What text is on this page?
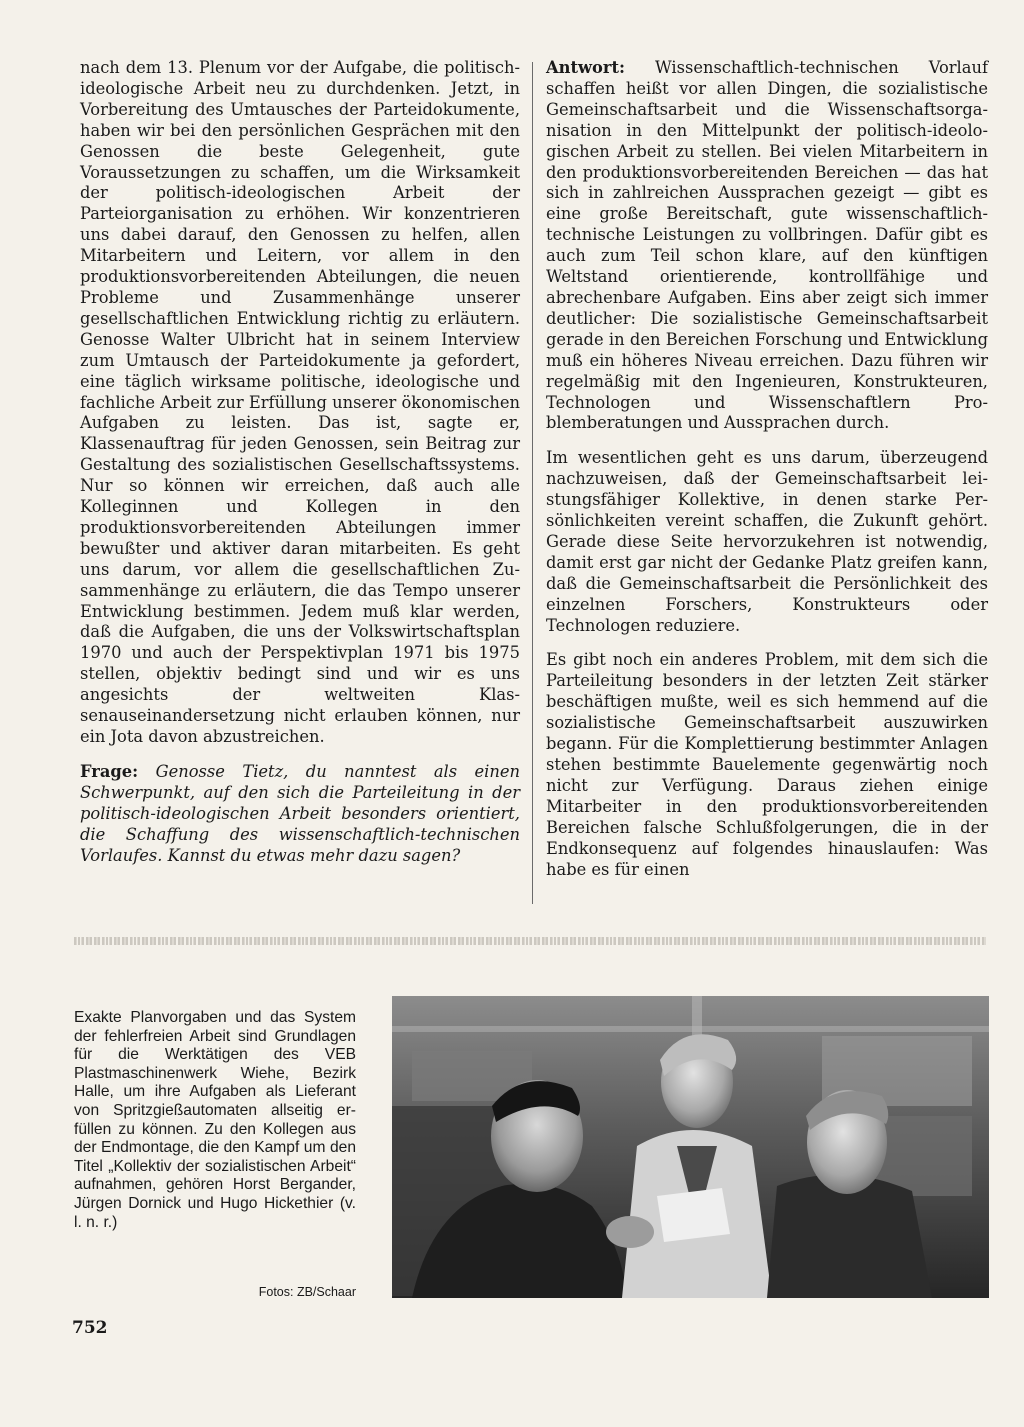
nach dem 13. Plenum vor der Aufgabe, die politisch-ideologische Arbeit neu zu durchdenken. Jetzt, in Vorbereitung des Umtausches der Parteidokumente, haben wir bei den persönlichen Gesprächen mit den Genossen die beste Gelegenheit, gute Voraussetzungen zu schaffen, um die Wirksamkeit der politisch-ideologischen Arbeit der Parteiorganisation zu erhöhen. Wir konzentrieren uns dabei darauf, den Genossen zu helfen, allen Mitarbeitern und Leitern, vor allem in den produktionsvorbereitenden Abteilungen, die neuen Probleme und Zusammenhänge unserer gesellschaftlichen Entwicklung richtig zu erläutern. Genosse Walter Ulbricht hat in seinem Interview zum Umtausch der Parteidokumente ja gefordert, eine täglich wirksame politische, ideologische und fachliche Arbeit zur Erfüllung unserer ökonomischen Aufgaben zu leisten. Das ist, sagte er, Klassenauftrag für jeden Genossen, sein Beitrag zur Gestaltung des sozialistischen Gesellschaftssystems. Nur so können wir erreichen, daß auch alle Kolleginnen und Kollegen in den produktionsvorbereitenden Abteilungen immer bewußter und aktiver daran mitarbeiten. Es geht uns darum, vor allem die gesellschaftlichen Zusammenhänge zu erläutern, die das Tempo unserer Entwicklung bestimmen. Jedem muß klar werden, daß die Aufgaben, die uns der Volkswirtschaftsplan 1970 und auch der Perspektivplan 1971 bis 1975 stellen, objektiv bedingt sind und wir es uns angesichts der weltweiten Klassenauseinandersetzung nicht erlauben können, nur ein Jota davon abzustreichen.

Frage: Genosse Tietz, du nanntest als einen Schwerpunkt, auf den sich die Parteileitung in der politisch-ideologischen Arbeit besonders orientiert, die Schaffung des wissenschaftlich-technischen Vorlaufes. Kannst du etwas mehr dazu sagen?

Antwort: Wissenschaftlich-technischen Vorlauf schaffen heißt vor allen Dingen, die sozialistische Gemeinschaftsarbeit und die Wissenschaftsorganisation in den Mittelpunkt der politisch-ideologischen Arbeit zu stellen. Bei vielen Mitarbeitern in den produktionsvorbereitenden Bereichen — das hat sich in zahlreichen Aussprachen gezeigt — gibt es eine große Bereitschaft, gute wissenschaftlich-technische Leistungen zu vollbringen. Dafür gibt es auch zum Teil schon klare, auf den künftigen Weltstand orientierende, kontrollfähige und abrechenbare Aufgaben. Eins aber zeigt sich immer deutlicher: Die sozialistische Gemeinschaftsarbeit gerade in den Bereichen Forschung und Entwicklung muß ein höheres Niveau erreichen. Dazu führen wir regelmäßig mit den Ingenieuren, Konstrukteuren, Technologen und Wissenschaftlern Problemberatungen und Aussprachen durch.

Im wesentlichen geht es uns darum, überzeugend nachzuweisen, daß der Gemeinschaftsarbeit leistungsfähiger Kollektive, in denen starke Persönlichkeiten vereint schaffen, die Zukunft gehört. Gerade diese Seite hervorzukehren ist notwendig, damit erst gar nicht der Gedanke Platz greifen kann, daß die Gemeinschaftsarbeit die Persönlichkeit des einzelnen Forschers, Konstrukteurs oder Technologen reduziere.

Es gibt noch ein anderes Problem, mit dem sich die Parteileitung besonders in der letzten Zeit stärker beschäftigen mußte, weil es sich hemmend auf die sozialistische Gemeinschaftsarbeit auszuwirken begann. Für die Komplettierung bestimmter Anlagen stehen bestimmte Bauelemente gegenwärtig noch nicht zur Verfügung. Daraus ziehen einige Mitarbeiter in den produktionsvorbereitenden Bereichen falsche Schlußfolgerungen, die in der Endkonsequenz auf folgendes hinauslaufen: Was habe es für einen

Exakte Planvorgaben und das System der fehlerfreien Arbeit sind Grundlagen für die Werktätigen des VEB Plastmaschinenwerk Wiehe, Bezirk Halle, um ihre Aufgaben als Lieferant von Spritzgießautomaten allseitig erfüllen zu können. Zu den Kollegen aus der Endmontage, die den Kampf um den Titel „Kollektiv der sozialistischen Arbeit“ aufnahmen, gehören Horst Bergander, Jürgen Dornick und Hugo Hickethier (v. l. n. r.)
Fotos: ZB/Schaar
752
